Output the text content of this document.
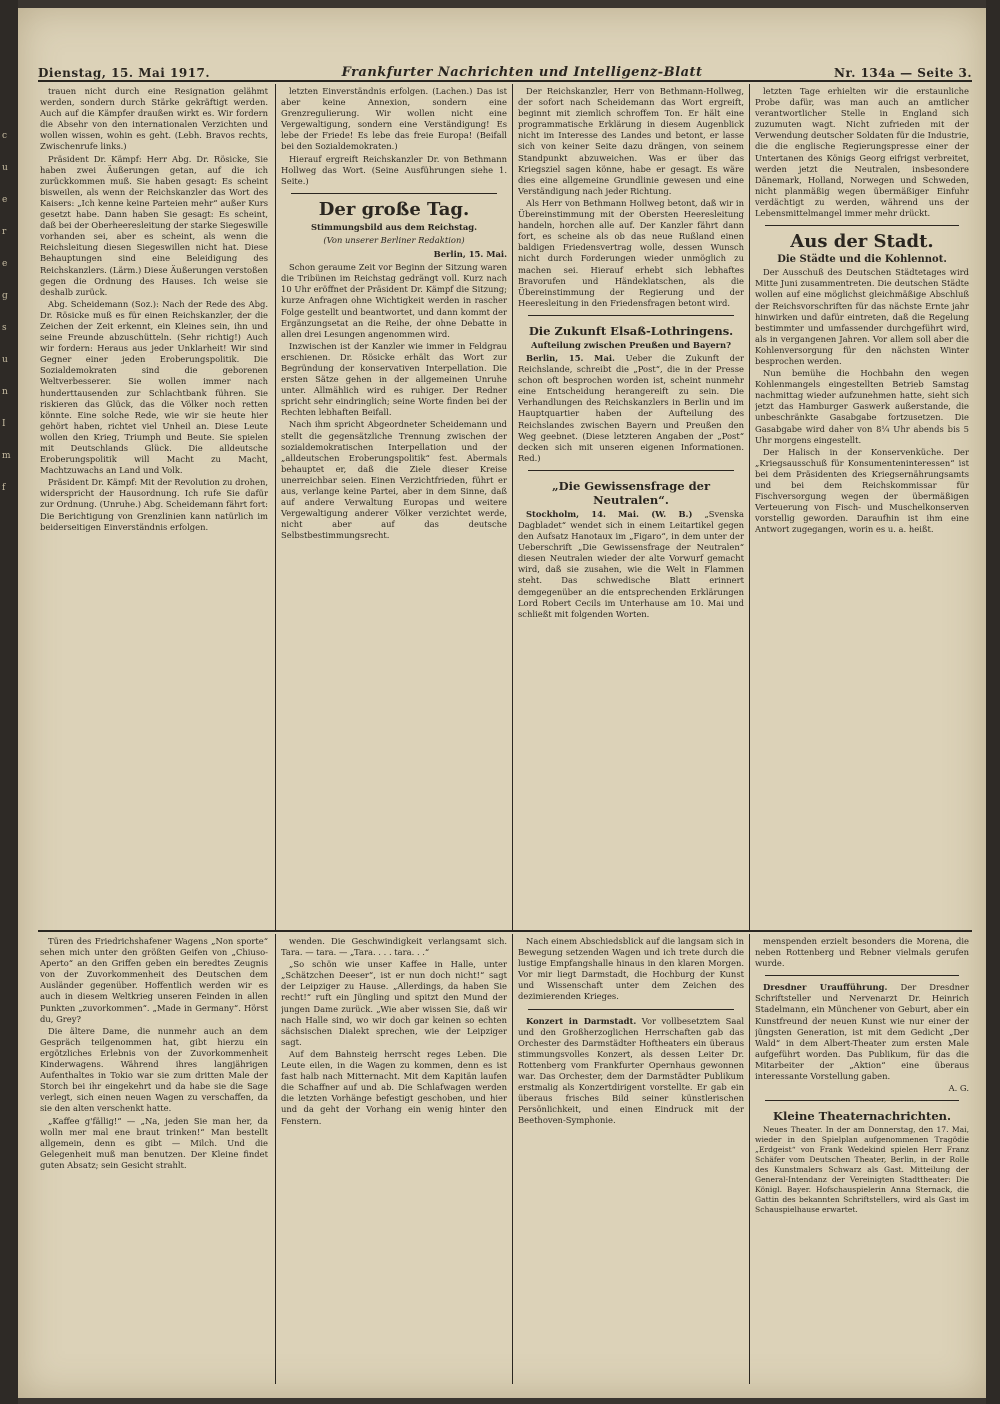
c
u
e
r
e
g
s
u
n
I
m
f
Dienstag, 15. Mai 1917.	Frankfurter Nachrichten und Intelligenz-Blatt	Nr. 134a — Seite 3.

trauen nicht durch eine Resignation gelähmt werden, sondern durch Stärke gekräftigt werden. Auch auf die Kämpfer draußen wirkt es. Wir fordern die Absehr von den internationalen Verzichten und wollen wissen, wohin es geht. (Lebh. Bravos rechts, Zwischenrufe links.)

Präsident Dr. Kämpf: Herr Abg. Dr. Rösicke, Sie haben zwei Äußerungen getan, auf die ich zurückkommen muß. Sie haben gesagt: Es scheint bisweilen, als wenn der Reichskanzler das Wort des Kaisers: „Ich kenne keine Parteien mehr“ außer Kurs gesetzt habe. Dann haben Sie gesagt: Es scheint, daß bei der Oberheeresleitung der starke Siegeswille vorhanden sei, aber es scheint, als wenn die Reichsleitung diesen Siegeswillen nicht hat. Diese Behauptungen sind eine Beleidigung des Reichskanzlers. (Lärm.) Diese Äußerungen verstoßen gegen die Ordnung des Hauses. Ich weise sie deshalb zurück.

Abg. Scheidemann (Soz.): Nach der Rede des Abg. Dr. Rösicke muß es für einen Reichskanzler, der die Zeichen der Zeit erkennt, ein Kleines sein, ihn und seine Freunde abzuschütteln. (Sehr richtig!) Auch wir fordern: Heraus aus jeder Unklarheit! Wir sind Gegner einer jeden Eroberungspolitik. Die Sozialdemokraten sind die geborenen Weltverbesserer. Sie wollen immer nach hunderttausenden zur Schlachtbank führen. Sie riskieren das Glück, das die Völker noch retten könnte. Eine solche Rede, wie wir sie heute hier gehört haben, richtet viel Unheil an. Diese Leute wollen den Krieg, Triumph und Beute. Sie spielen mit Deutschlands Glück. Die alldeutsche Eroberungspolitik will Macht zu Macht, Machtzuwachs an Land und Volk.

Präsident Dr. Kämpf: Mit der Revolution zu drohen, widerspricht der Hausordnung. Ich rufe Sie dafür zur Ordnung. (Unruhe.) Abg. Scheidemann fährt fort: Die Berichtigung von Grenzlinien kann natürlich im beiderseitigen Einverständnis erfolgen.

letzten Einverständnis erfolgen. (Lachen.) Das ist aber keine Annexion, sondern eine Grenzregulierung. Wir wollen nicht eine Vergewaltigung, sondern eine Verständigung! Es lebe der Friede! Es lebe das freie Europa! (Beifall bei den Sozialdemokraten.)

Hierauf ergreift Reichskanzler Dr. von Bethmann Hollweg das Wort. (Seine Ausführungen siehe 1. Seite.)

Der große Tag.
Stimmungsbild aus dem Reichstag.
(Von unserer Berliner Redaktion)
Berlin, 15. Mai.

Schon geraume Zeit vor Beginn der Sitzung waren die Tribünen im Reichstag gedrängt voll. Kurz nach 10 Uhr eröffnet der Präsident Dr. Kämpf die Sitzung; kurze Anfragen ohne Wichtigkeit werden in rascher Folge gestellt und beantwortet, und dann kommt der Ergänzungsetat an die Reihe, der ohne Debatte in allen drei Lesungen angenommen wird.

Inzwischen ist der Kanzler wie immer in Feldgrau erschienen. Dr. Rösicke erhält das Wort zur Begründung der konservativen Interpellation. Die ersten Sätze gehen in der allgemeinen Unruhe unter. Allmählich wird es ruhiger. Der Redner spricht sehr eindringlich; seine Worte finden bei der Rechten lebhaften Beifall.

Nach ihm spricht Abgeordneter Scheidemann und stellt die gegensätzliche Trennung zwischen der sozialdemokratischen Interpellation und der „alldeutschen Eroberungspolitik“ fest. Abermals behauptet er, daß die Ziele dieser Kreise unerreichbar seien. Einen Verzichtfrieden, führt er aus, verlange keine Partei, aber in dem Sinne, daß auf andere Verwaltung Europas und weitere Vergewaltigung anderer Völker verzichtet werde, nicht aber auf das deutsche Selbstbestimmungsrecht.

Der Reichskanzler, Herr von Bethmann-Hollweg, der sofort nach Scheidemann das Wort ergreift, beginnt mit ziemlich schroffem Ton. Er hält eine programmatische Erklärung in diesem Augenblick nicht im Interesse des Landes und betont, er lasse sich von keiner Seite dazu drängen, von seinem Standpunkt abzuweichen. Was er über das Kriegsziel sagen könne, habe er gesagt. Es wäre dies eine allgemeine Grundlinie gewesen und eine Verständigung nach jeder Richtung.

Als Herr von Bethmann Hollweg betont, daß wir in Übereinstimmung mit der Obersten Heeresleitung handeln, horchen alle auf. Der Kanzler fährt dann fort, es scheine als ob das neue Rußland einen baldigen Friedensvertrag wolle, dessen Wunsch nicht durch Forderungen wieder unmöglich zu machen sei. Hierauf erhebt sich lebhaftes Bravorufen und Händeklatschen, als die Übereinstimmung der Regierung und der Heeresleitung in den Friedensfragen betont wird.

Die Zukunft Elsaß-Lothringens.
Aufteilung zwischen Preußen und Bayern?

Berlin, 15. Mai. Ueber die Zukunft der Reichslande, schreibt die „Post“, die in der Presse schon oft besprochen worden ist, scheint nunmehr eine Entscheidung herangereift zu sein. Die Verhandlungen des Reichskanzlers in Berlin und im Hauptquartier haben der Aufteilung des Reichslandes zwischen Bayern und Preußen den Weg geebnet. (Diese letzteren Angaben der „Post“ decken sich mit unseren eigenen Informationen. Red.)

„Die Gewissensfrage der Neutralen“.

Stockholm, 14. Mai. (W. B.) „Svenska Dagbladet“ wendet sich in einem Leitartikel gegen den Aufsatz Hanotaux im „Figaro“, in dem unter der Ueberschrift „Die Gewissensfrage der Neutralen“ diesen Neutralen wieder der alte Vorwurf gemacht wird, daß sie zusahen, wie die Welt in Flammen steht. Das schwedische Blatt erinnert demgegenüber an die entsprechenden Erklärungen Lord Robert Cecils im Unterhause am 10. Mai und schließt mit folgenden Worten.

letzten Tage erhielten wir die erstaunliche Probe dafür, was man auch an amtlicher verantwortlicher Stelle in England sich zuzumuten wagt. Nicht zufrieden mit der Verwendung deutscher Soldaten für die Industrie, die die englische Regierungspresse einer der Untertanen des Königs Georg eifrigst verbreitet, werden jetzt die Neutralen, insbesondere Dänemark, Holland, Norwegen und Schweden, nicht planmäßig wegen übermäßiger Einfuhr verdächtigt zu werden, während uns der Lebensmittelmangel immer mehr drückt.

Aus der Stadt.
Die Städte und die Kohlennot.

Der Ausschuß des Deutschen Städtetages wird Mitte Juni zusammentreten. Die deutschen Städte wollen auf eine möglichst gleichmäßige Abschluß der Reichsvorschriften für das nächste Ernte jahr hinwirken und dafür eintreten, daß die Regelung bestimmter und umfassender durchgeführt wird, als in vergangenen Jahren. Vor allem soll aber die Kohlenversorgung für den nächsten Winter besprochen werden.

Nun bemühe die Hochbahn den wegen Kohlenmangels eingestellten Betrieb Samstag nachmittag wieder aufzunehmen hatte, sieht sich jetzt das Hamburger Gaswerk außerstande, die unbeschränkte Gasabgabe fortzusetzen. Die Gasabgabe wird daher von 8¼ Uhr abends bis 5 Uhr morgens eingestellt.

Der Halisch in der Konservenküche. Der „Kriegsausschuß für Konsumenteninteressen“ ist bei dem Präsidenten des Kriegsernährungsamts und bei dem Reichskommissar für Fischversorgung wegen der übermäßigen Verteuerung von Fisch- und Muschelkonserven vorstellig geworden. Daraufhin ist ihm eine Antwort zugegangen, worin es u. a. heißt.

Türen des Friedrichshafener Wagens „Non sporte“ sehen mich unter den größten Geifen von „Chiuso-Aperto“ an den Griffen geben ein beredtes Zeugnis von der Zuvorkommenheit des Deutschen dem Ausländer gegenüber. Hoffentlich werden wir es auch in diesem Weltkrieg unseren Feinden in allen Punkten „zuvorkommen“. „Made in Germany“. Hörst du, Grey?

Die ältere Dame, die nunmehr auch an dem Gespräch teilgenommen hat, gibt hierzu ein ergötzliches Erlebnis von der Zuvorkommenheit Kinderwagens. Während ihres langjährigen Aufenthaltes in Tokio war sie zum dritten Male der Storch bei ihr eingekehrt und da habe sie die Sage verlegt, sich einen neuen Wagen zu verschaffen, da sie den alten verschenkt hatte.

„Kaffee g'fällig!“ — „Na, jeden Sie man her, da wolln mer mal ene braut trinken!“ Man bestellt allgemein, denn es gibt — Milch. Und die Gelegenheit muß man benutzen. Der Kleine findet guten Absatz; sein Gesicht strahlt.

wenden. Die Geschwindigkeit verlangsamt sich. Tara. — tara. — „Tara. . . . tara. . .“

„So schön wie unser Kaffee in Halle, unter „Schätzchen Deeser“, ist er nun doch nicht!“ sagt der Leipziger zu Hause. „Allerdings, da haben Sie recht!“ ruft ein Jüngling und spitzt den Mund der jungen Dame zurück. „Wie aber wissen Sie, daß wir nach Halle sind, wo wir doch gar keinen so echten sächsischen Dialekt sprechen, wie der Leipziger sagt.

Auf dem Bahnsteig herrscht reges Leben. Die Leute eilen, in die Wagen zu kommen, denn es ist fast halb nach Mitternacht. Mit dem Kapitän laufen die Schaffner auf und ab. Die Schlafwagen werden die letzten Vorhänge befestigt geschoben, und hier und da geht der Vorhang ein wenig hinter den Fenstern.

Nach einem Abschiedsblick auf die langsam sich in Bewegung setzenden Wagen und ich trete durch die lustige Empfangshalle hinaus in den klaren Morgen. Vor mir liegt Darmstadt, die Hochburg der Kunst und Wissenschaft unter dem Zeichen des dezimierenden Krieges.

Konzert in Darmstadt. Vor vollbesetztem Saal und den Großherzoglichen Herrschaften gab das Orchester des Darmstädter Hoftheaters ein überaus stimmungsvolles Konzert, als dessen Leiter Dr. Rottenberg vom Frankfurter Opernhaus gewonnen war. Das Orchester, dem der Darmstädter Publikum erstmalig als Konzertdirigent vorstellte. Er gab ein überaus frisches Bild seiner künstlerischen Persönlichkeit, und einen Eindruck mit der Beethoven-Symphonie.

menspenden erzielt besonders die Morena, die neben Rottenberg und Rebner vielmals gerufen wurde.

Dresdner Uraufführung. Der Dresdner Schriftsteller und Nervenarzt Dr. Heinrich Stadelmann, ein Münchener von Geburt, aber ein Kunstfreund der neuen Kunst wie nur einer der jüngsten Generation, ist mit dem Gedicht „Der Wald“ in dem Albert-Theater zum ersten Male aufgeführt worden. Das Publikum, für das die Mitarbeiter der „Aktion“ eine überaus interessante Vorstellung gaben.

A. G.
Kleine Theaternachrichten.

Neues Theater. In der am Donnerstag, den 17. Mai, wieder in den Spielplan aufgenommenen Tragödie „Erdgeist“ von Frank Wedekind spielen Herr Franz Schäfer vom Deutschen Theater, Berlin, in der Rolle des Kunstmalers Schwarz als Gast. Mitteilung der General-Intendanz der Vereinigten Stadttheater: Die Königl. Bayer. Hofschauspielerin Anna Sternack, die Gattin des bekannten Schriftstellers, wird als Gast im Schauspielhause erwartet.
